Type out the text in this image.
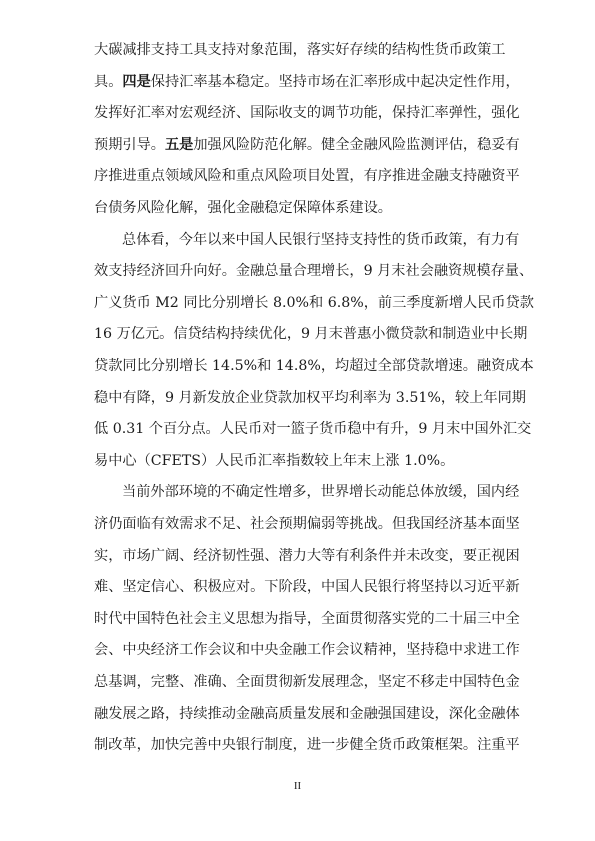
大碳减排支持工具支持对象范围，落实好存续的结构性货币政策工
具。四是保持汇率基本稳定。坚持市场在汇率形成中起决定性作用，
发挥好汇率对宏观经济、国际收支的调节功能，保持汇率弹性，强化
预期引导。五是加强风险防范化解。健全金融风险监测评估，稳妥有
序推进重点领域风险和重点风险项目处置，有序推进金融支持融资平
台债务风险化解，强化金融稳定保障体系建设。
总体看，今年以来中国人民银行坚持支持性的货币政策，有力有
效支持经济回升向好。金融总量合理增长，9 月末社会融资规模存量、
广义货币 M2 同比分别增长 8.0%和 6.8%，前三季度新增人民币贷款
16 万亿元。信贷结构持续优化，9 月末普惠小微贷款和制造业中长期
贷款同比分别增长 14.5%和 14.8%，均超过全部贷款增速。融资成本
稳中有降，9 月新发放企业贷款加权平均利率为 3.51%，较上年同期
低 0.31 个百分点。人民币对一篮子货币稳中有升，9 月末中国外汇交
易中心（CFETS）人民币汇率指数较上年末上涨 1.0%。
当前外部环境的不确定性增多，世界增长动能总体放缓，国内经
济仍面临有效需求不足、社会预期偏弱等挑战。但我国经济基本面坚
实，市场广阔、经济韧性强、潜力大等有利条件并未改变，要正视困
难、坚定信心、积极应对。下阶段，中国人民银行将坚持以习近平新
时代中国特色社会主义思想为指导，全面贯彻落实党的二十届三中全
会、中央经济工作会议和中央金融工作会议精神，坚持稳中求进工作
总基调，完整、准确、全面贯彻新发展理念，坚定不移走中国特色金
融发展之路，持续推动金融高质量发展和金融强国建设，深化金融体
制改革，加快完善中央银行制度，进一步健全货币政策框架。注重平
II
